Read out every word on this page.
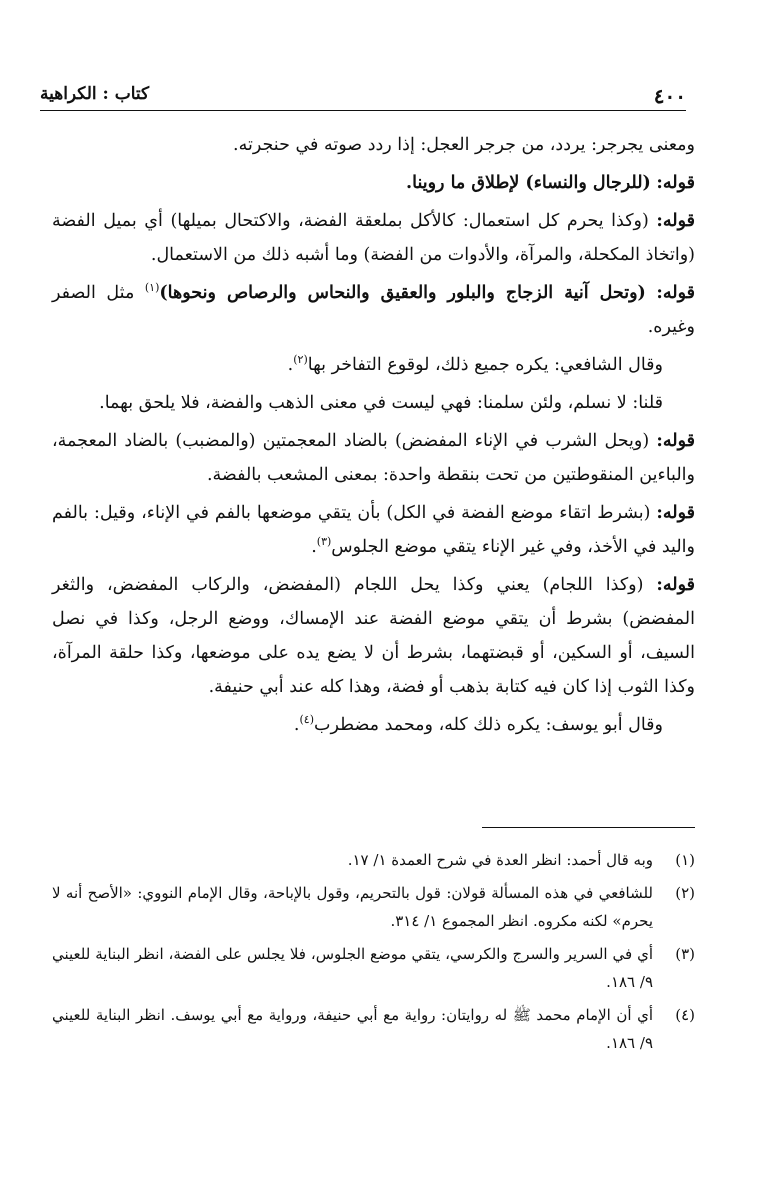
٤٠٠
كتاب : الكراهية

ومعنى يجرجر: يردد، من جرجر العجل: إذا ردد صوته في حنجرته.

قوله: (للرجال والنساء) لإطلاق ما روينا.

قوله: (وكذا يحرم كل استعمال: كالأكل بملعقة الفضة، والاكتحال بميلها) أي بميل الفضة (واتخاذ المكحلة، والمرآة، والأدوات من الفضة) وما أشبه ذلك من الاستعمال.

قوله: (وتحل آنية الزجاج والبلور والعقيق والنحاس والرصاص ونحوها)$^{(١)}$ مثل الصفر وغيره.

وقال الشافعي: يكره جميع ذلك، لوقوع التفاخر بها$^{(٢)}$.

قلنا: لا نسلم، ولئن سلمنا: فهي ليست في معنى الذهب والفضة، فلا يلحق بهما.

قوله: (ويحل الشرب في الإناء المفضض) بالضاد المعجمتين (والمضبب) بالضاد المعجمة، والباءين المنقوطتين من تحت بنقطة واحدة: بمعنى المشعب بالفضة.

قوله: (بشرط اتقاء موضع الفضة في الكل) بأن يتقي موضعها بالفم في الإناء، وقيل: بالفم واليد في الأخذ، وفي غير الإناء يتقي موضع الجلوس$^{(٣)}$.

قوله: (وكذا اللجام) يعني وكذا يحل اللجام (المفضض، والركاب المفضض، والثغر المفضض) بشرط أن يتقي موضع الفضة عند الإمساك، ووضع الرجل، وكذا في نصل السيف، أو السكين، أو قبضتهما، بشرط أن لا يضع يده على موضعها، وكذا حلقة المرآة، وكذا الثوب إذا كان فيه كتابة بذهب أو فضة، وهذا كله عند أبي حنيفة.

وقال أبو يوسف: يكره ذلك كله، ومحمد مضطرب$^{(٤)}$.

(١)
وبه قال أحمد: انظر العدة في شرح العمدة ١/ ١٧.
(٢)
للشافعي في هذه المسألة قولان: قول بالتحريم، وقول بالإباحة، وقال الإمام النووي: «الأصح أنه لا يحرم» لكنه مكروه. انظر المجموع ١/ ٣١٤.
(٣)
أي في السرير والسرج والكرسي، يتقي موضع الجلوس، فلا يجلس على الفضة، انظر البناية للعيني ٩/ ١٨٦.
(٤)
أي أن الإمام محمد ﷺ له روايتان: رواية مع أبي حنيفة، ورواية مع أبي يوسف. انظر البناية للعيني ٩/ ١٨٦.
